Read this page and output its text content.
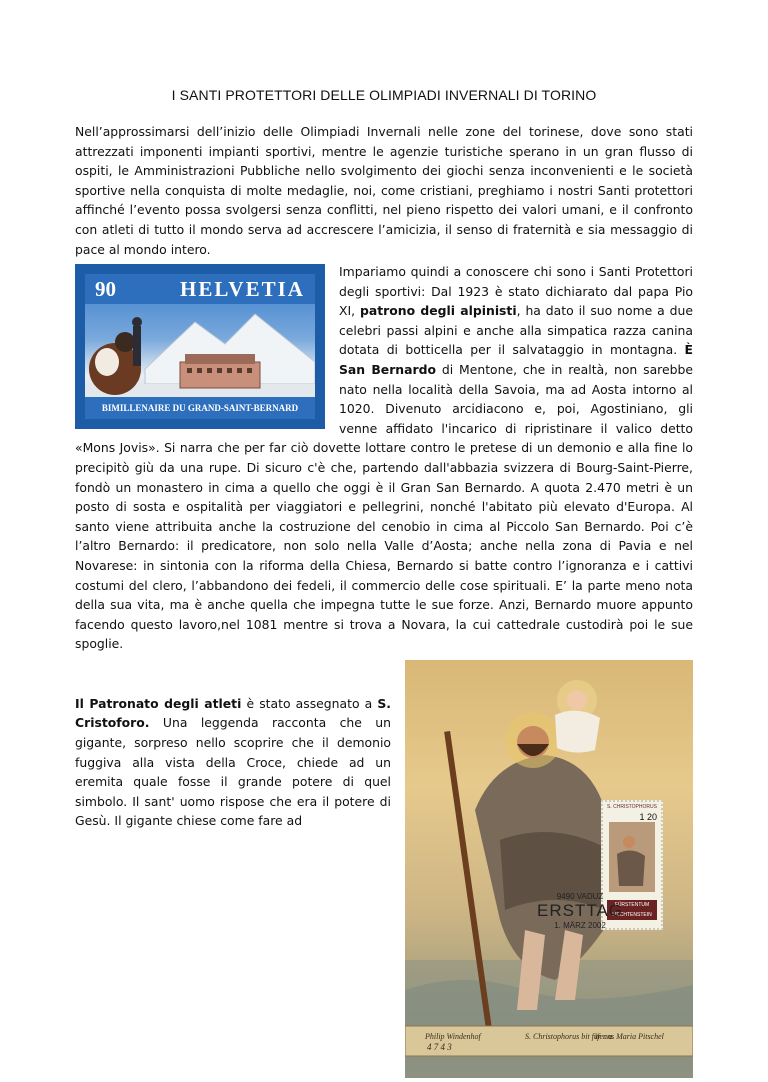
I SANTI PROTETTORI DELLE OLIMPIADI INVERNALI DI TORINO

Nell’approssimarsi dell’inizio delle Olimpiadi Invernali nelle zone del torinese, dove sono stati attrezzati imponenti impianti sportivi, mentre le agenzie turistiche sperano in un gran flusso di ospiti, le Amministrazioni Pubbliche nello svolgimento dei giochi senza inconvenienti e le società sportive nella conquista di molte medaglie, noi, come cristiani, preghiamo i nostri Santi protettori affinché l’evento possa svolgersi senza conflitti, nel pieno rispetto dei valori umani, e il confronto con atleti di tutto il mondo serva ad accrescere l’amicizia, il senso di fraternità e sia messaggio di pace al mondo intero.

90	HELVETIA
BIMILLENAIRE DU GRAND-SAINT-BERNARD

Impariamo quindi a conoscere chi sono i Santi Protettori degli sportivi: Dal 1923 è stato dichiarato dal papa Pio XI, patrono degli alpinisti, ha dato il suo nome a due celebri passi alpini e anche alla simpatica razza canina dotata di botticella per il salvataggio in montagna. È San Bernardo di Mentone, che in realtà, non sarebbe nato nella località della Savoia, ma ad Aosta intorno al 1020. Divenuto arcidiacono e, poi, Agostiniano, gli venne affidato l'incarico di ripristinare il valico detto «Mons Jovis». Si narra che per far ciò dovette lottare contro le pretese di un demonio e alla fine lo precipitò giù da una rupe. Di sicuro c'è che, partendo dall'abbazia svizzera di Bourg-Saint-Pierre, fondò un monastero in cima a quello che oggi è il Gran San Bernardo. A quota 2.470 metri è un posto di sosta e ospitalità per viaggiatori e pellegrini, nonché l'abitato più elevato d'Europa. Al santo viene attribuita anche la costruzione del cenobio in cima al Piccolo San Bernardo. Poi c’è l’altro Bernardo: il predicatore, non solo nella Valle d’Aosta; anche nella zona di Pavia e nel Novarese: in sintonia con la riforma della Chiesa, Bernardo si batte contro l’ignoranza e i cattivi costumi del clero, l’abbandono dei fedeli, il commercio delle cose spirituali. E’ la parte meno nota della sua vita, ma è anche quella che impegna tutte le sue forze. Anzi, Bernardo muore appunto facendo questo lavoro,nel 1081 mentre si trova a Novara, la cui cattedrale custodirà poi le sue spoglie.

S. CHRISTOPHORUS
1 20
FÜRSTENTUM LIECHTENSTEIN
9490 VADUZ
ERSTTAG
1. MÄRZ 2002
Philip Windenhof	S. Christophorus bit für uns
ifer a. Maria Pitschel
4 7 4 3

Il Patronato degli atleti è stato assegnato a S. Cristoforo. Una leggenda racconta che un gigante, sorpreso nello scoprire che il demonio fuggiva alla vista della Croce, chiede ad un eremita quale fosse il grande potere di quel simbolo. Il sant' uomo rispose che era il potere di Gesù. Il gigante chiese come fare ad
